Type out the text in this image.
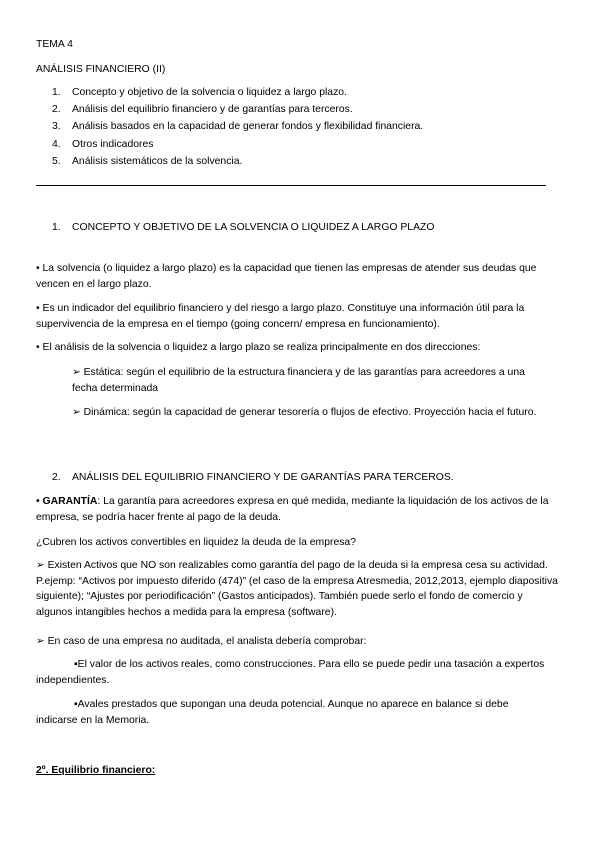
TEMA 4

ANÁLISIS FINANCIERO (II)

1.	Concepto y objetivo de la solvencia o liquidez a largo plazo.
2.	Análisis del equilibrio financiero y de garantías para terceros.
3.	Análisis basados en la capacidad de generar fondos y flexibilidad financiera.
4.	Otros indicadores
5.	Análisis sistemáticos de la solvencia.

1. CONCEPTO Y OBJETIVO DE LA SOLVENCIA O LIQUIDEZ A LARGO PLAZO

• La solvencia (o liquidez a largo plazo) es la capacidad que tienen las empresas de atender sus deudas que vencen en el largo plazo.

• Es un indicador del equilibrio financiero y del riesgo a largo plazo. Constituye una información útil para la supervivencia de la empresa en el tiempo (going concern/ empresa en funcionamiento).

• El análisis de la solvencia o liquidez a largo plazo se realiza principalmente en dos direcciones:

➢ Estática: según el equilibrio de la estructura financiera y de las garantías para acreedores a una fecha determinada

➢ Dinámica: según la capacidad de generar tesorería o flujos de efectivo. Proyección hacia el futuro.

2. ANÁLISIS DEL EQUILIBRIO FINANCIERO Y DE GARANTÍAS PARA TERCEROS.

• GARANTÍA: La garantía para acreedores expresa en qué medida, mediante la liquidación de los activos de la empresa, se podría hacer frente al pago de la deuda.

¿Cubren los activos convertibles en liquidez la deuda de la empresa?

➢ Existen Activos que NO son realizables como garantía del pago de la deuda si la empresa cesa su actividad. P.ejemp: “Activos por impuesto diferido (474)” (el caso de la empresa Atresmedia, 2012,2013, ejemplo diapositiva siguiente); “Ajustes por periodificación” (Gastos anticipados). También puede serlo el fondo de comercio y algunos intangibles hechos a medida para la empresa (software).

➢ En caso de una empresa no auditada, el analista debería comprobar:

▪El valor de los activos reales, como construcciones. Para ello se puede pedir una tasación a expertos independientes.

▪Avales prestados que supongan una deuda potencial. Aunque no aparece en balance si debe indicarse en la Memoria.

2º. Equilibrio financiero:
